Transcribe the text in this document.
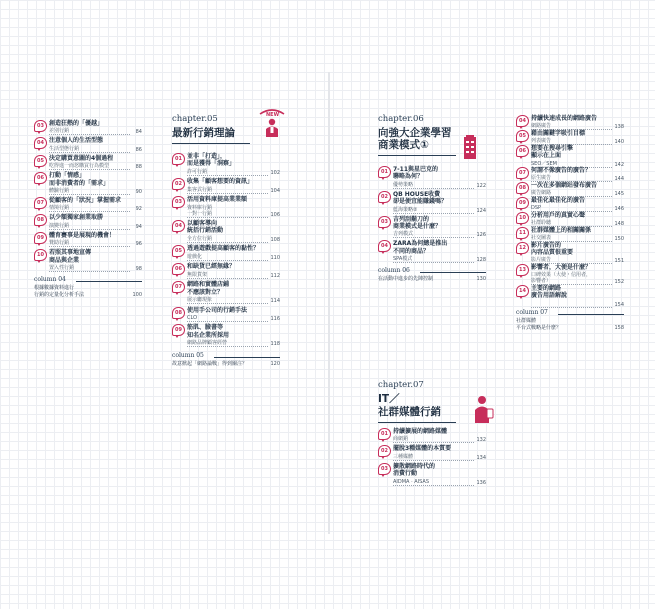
03 創造狂熱的「優越」
差別行銷	84
04 注意個人的生活型態
生活型態行銷	86
05 決定購買意圖的4個過程
吃得進一而怒購買行為模型	88
06 打動「情感」
而非消費者的「需求」
體驗行銷	90
07 從顧客的「狀況」掌握需求
情境行銷	92
08 以少額獨家創業取勝
演變行銷	94
09 體育賽事是展現的機會！
贊助行銷	96
10 若照其事地宣傳
商品與企業
置入性行銷	98
column 04
根據數據資料進行
行銷的定量化分析手法	100
chapter.05
最新行銷理論
NEW
01 並非「打造」，
而是獲得「洞察」
許可行銷	102
02 收集「顧客想要的資訊」
集客式行銷	104
03 活用資料庫提高業業額
資料庫行銷
一對一行銷	106
04 以顧客導向
統括行銷活動
全方位行銷	108
05 透過遊戲提高顧客的黏性？
遊戲化	110
06 和缺貨已經無緣？
無限貨架	112
07 網路和實體店鋪
不應該對立？
展示廳現象	114
08 使用手公司的行銷手法
CLO	116
09 筋肌、臉書等
知名企業所採用
網路品牌顧客經營	118
column 05
故意掀起「網路論戰」得到關注？	120
chapter.06
向強大企業學習
商業模式①
01 7-11與星巴克的
聯略為何？
優勢策略	122
02 QB HOUSE收費
卻是便宜能賺錢嗎？
藍海策略②	124
03 吉列刮鬍刀的
商業模式是什麼？
吉列模式	126
04 ZARA為何總是推出
不同的商品？
SPA模式	128
column 06
在活動中進步的先陣控制	130
chapter.07
IT／
社群媒體行銷
01 持續擴展的網路媒體
商網銷	132
02 擺脫3種媒體的本質要
三種媒體	134
03 擴散網路時代的
消費行動
AIDMA · AISAS	136
04 持續快速成長的網路廣告
網路廣告	138
05 藉由關鍵字吸引目標
列表廣告	140
06 想要在搜尋引擎
顯示在上面
SEO／SEM	142
07 何謂不像廣告的廣告？
原生廣告	144
08 一次在多個網站發布廣告
廣告網路	145
09 最佳化最佳化的廣告
DSP	146
10 分析用戶的真實心聲
社群聆聽	148
11 社群媒體上的相關關係
社交圖表	150
12 影片廣告的
內容品質很重要
影片廣告	151
13 影響者，大便是什麼？
口碑效果（大使・信用者，
影響者）	152
14 主要的網路
廣告用語解說
154
column 07
社群媒體
平台式戰略是什麼？	158
